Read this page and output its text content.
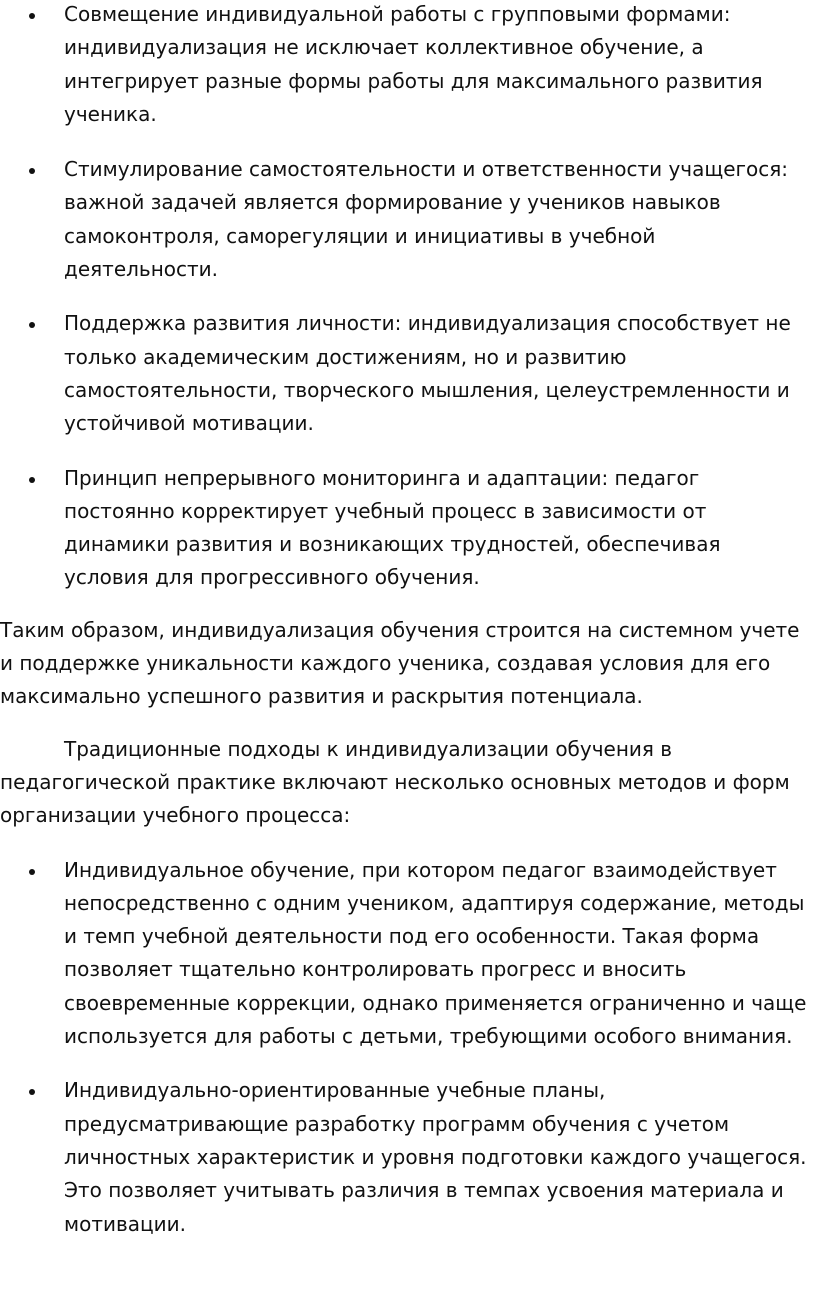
Совмещение индивидуальной работы с групповыми формами: индивидуализация не исключает коллективное обучение, а интегрирует разные формы работы для максимального развития ученика.
Стимулирование самостоятельности и ответственности учащегося: важной задачей является формирование у учеников навыков самоконтроля, саморегуляции и инициативы в учебной деятельности.
Поддержка развития личности: индивидуализация способствует не только академическим достижениям, но и развитию самостоятельности, творческого мышления, целеустремленности и устойчивой мотивации.
Принцип непрерывного мониторинга и адаптации: педагог постоянно корректирует учебный процесс в зависимости от динамики развития и возникающих трудностей, обеспечивая условия для прогрессивного обучения.

Таким образом, индивидуализация обучения строится на системном учете и поддержке уникальности каждого ученика, создавая условия для его максимально успешного развития и раскрытия потенциала.

Традиционные подходы к индивидуализации обучения в педагогической практике включают несколько основных методов и форм организации учебного процесса:

Индивидуальное обучение, при котором педагог взаимодействует непосредственно с одним учеником, адаптируя содержание, методы и темп учебной деятельности под его особенности. Такая форма позволяет тщательно контролировать прогресс и вносить своевременные коррекции, однако применяется ограниченно и чаще используется для работы с детьми, требующими особого внимания.
Индивидуально-ориентированные учебные планы, предусматривающие разработку программ обучения с учетом личностных характеристик и уровня подготовки каждого учащегося. Это позволяет учитывать различия в темпах усвоения материала и мотивации.
